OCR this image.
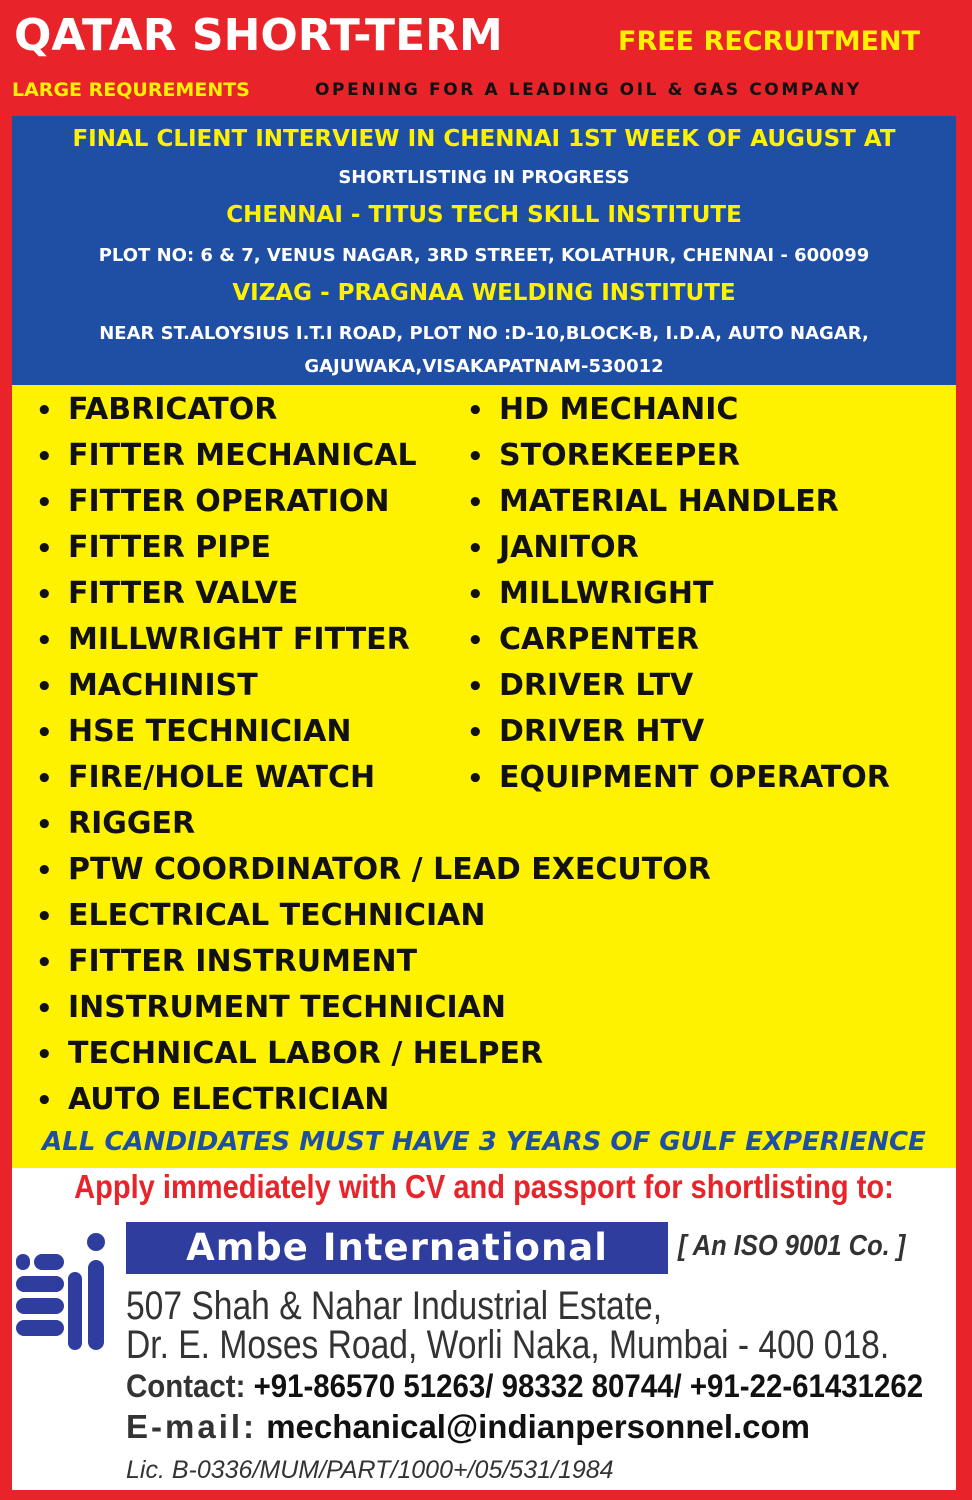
QATAR SHORT-TERM	FREE RECRUITMENT
LARGE REQUREMENTS	OPENING FOR A LEADING OIL & GAS COMPANY
FINAL CLIENT INTERVIEW IN CHENNAI 1ST WEEK OF AUGUST AT
SHORTLISTING IN PROGRESS
CHENNAI - TITUS TECH SKILL INSTITUTE
PLOT NO: 6 & 7, VENUS NAGAR, 3RD STREET, KOLATHUR, CHENNAI - 600099
VIZAG - PRAGNAA WELDING INSTITUTE
NEAR ST.ALOYSIUS I.T.I ROAD, PLOT NO :D-10,BLOCK-B, I.D.A, AUTO NAGAR,
GAJUWAKA,VISAKAPATNAM-530012
• FABRICATOR
• FITTER MECHANICAL
• FITTER OPERATION
• FITTER PIPE
• FITTER VALVE
• MILLWRIGHT FITTER
• MACHINIST
• HSE TECHNICIAN
• FIRE/HOLE WATCH
• RIGGER
• PTW COORDINATOR / LEAD EXECUTOR
• ELECTRICAL TECHNICIAN
• FITTER INSTRUMENT
• INSTRUMENT TECHNICIAN
• TECHNICAL LABOR / HELPER
• AUTO ELECTRICIAN
• HD MECHANIC
• STOREKEEPER
• MATERIAL HANDLER
• JANITOR
• MILLWRIGHT
• CARPENTER
• DRIVER LTV
• DRIVER HTV
• EQUIPMENT OPERATOR
ALL CANDIDATES MUST HAVE 3 YEARS OF GULF EXPERIENCE
Apply immediately with CV and passport for shortlisting to:
Ambe International	[ An ISO 9001 Co. ]
507 Shah & Nahar Industrial Estate,
Dr. E. Moses Road, Worli Naka, Mumbai - 400 018.
Contact: +91-86570 51263/ 98332 80744/ +91-22-61431262
E-mail: mechanical@indianpersonnel.com
Lic. B-0336/MUM/PART/1000+/05/531/1984
